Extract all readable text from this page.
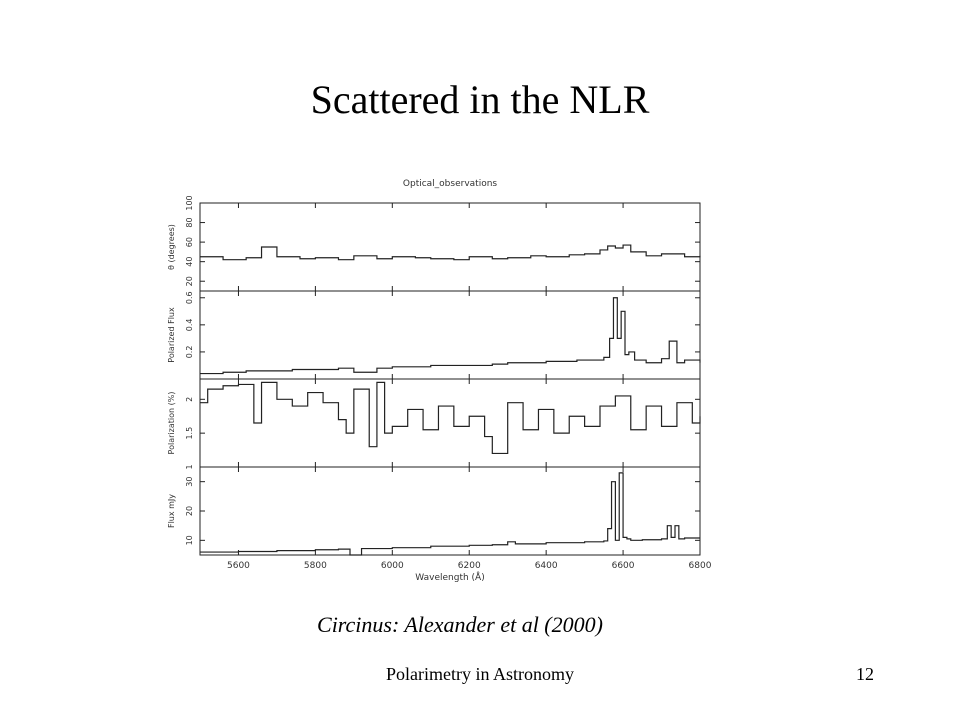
Scattered in the NLR
Optical_observations
20
40
60
80
100
θ (degrees)
0.2
0.4
0.6
Polarized Flux
1
1.5
2
Polarization (%)
10
20
30
Flux mJy
5600	5800	6000	6200	6400	6600	6800
Wavelength (Å)
Circinus: Alexander et al (2000)
Polarimetry in Astronomy	12
